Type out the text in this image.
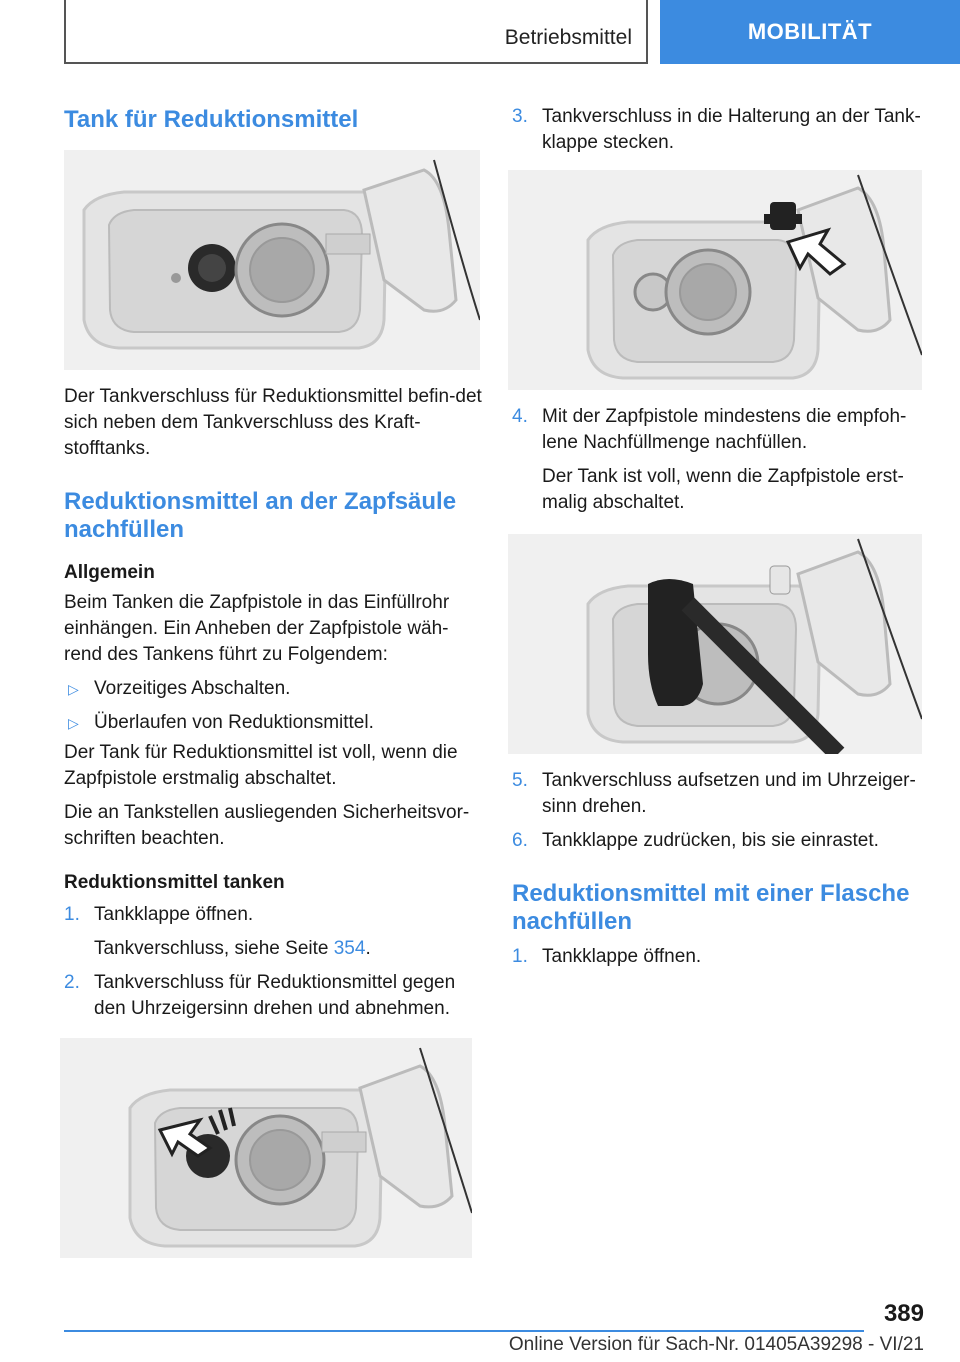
Betriebsmittel	MOBILITÄT
Tank für Reduktionsmittel

Der Tankverschluss für Reduktionsmittel befin-det sich neben dem Tankverschluss des Kraft-stofftanks.

Reduktionsmittel an der Zapfsäule nachfüllen
Allgemein

Beim Tanken die Zapfpistole in das Einfüllrohr einhängen. Ein Anheben der Zapfpistole wäh-rend des Tankens führt zu Folgendem:

▷ Vorzeitiges Abschalten.
▷ Überlaufen von Reduktionsmittel.

Der Tank für Reduktionsmittel ist voll, wenn die Zapfpistole erstmalig abschaltet.

Die an Tankstellen ausliegenden Sicherheitsvor-schriften beachten.

Reduktionsmittel tanken
1. Tankklappe öffnen.
Tankverschluss, siehe Seite 354.
2. Tankverschluss für Reduktionsmittel gegen den Uhrzeigersinn drehen und abnehmen.
3. Tankverschluss in die Halterung an der Tank-klappe stecken.
4. Mit der Zapfpistole mindestens die empfoh-lene Nachfüllmenge nachfüllen.

Der Tank ist voll, wenn die Zapfpistole erst-malig abschaltet.

5. Tankverschluss aufsetzen und im Uhrzeiger-sinn drehen.
6. Tankklappe zudrücken, bis sie einrastet.
Reduktionsmittel mit einer Flasche nachfüllen
1. Tankklappe öffnen.
389
Online Version für Sach-Nr. 01405A39298 - VI/21
